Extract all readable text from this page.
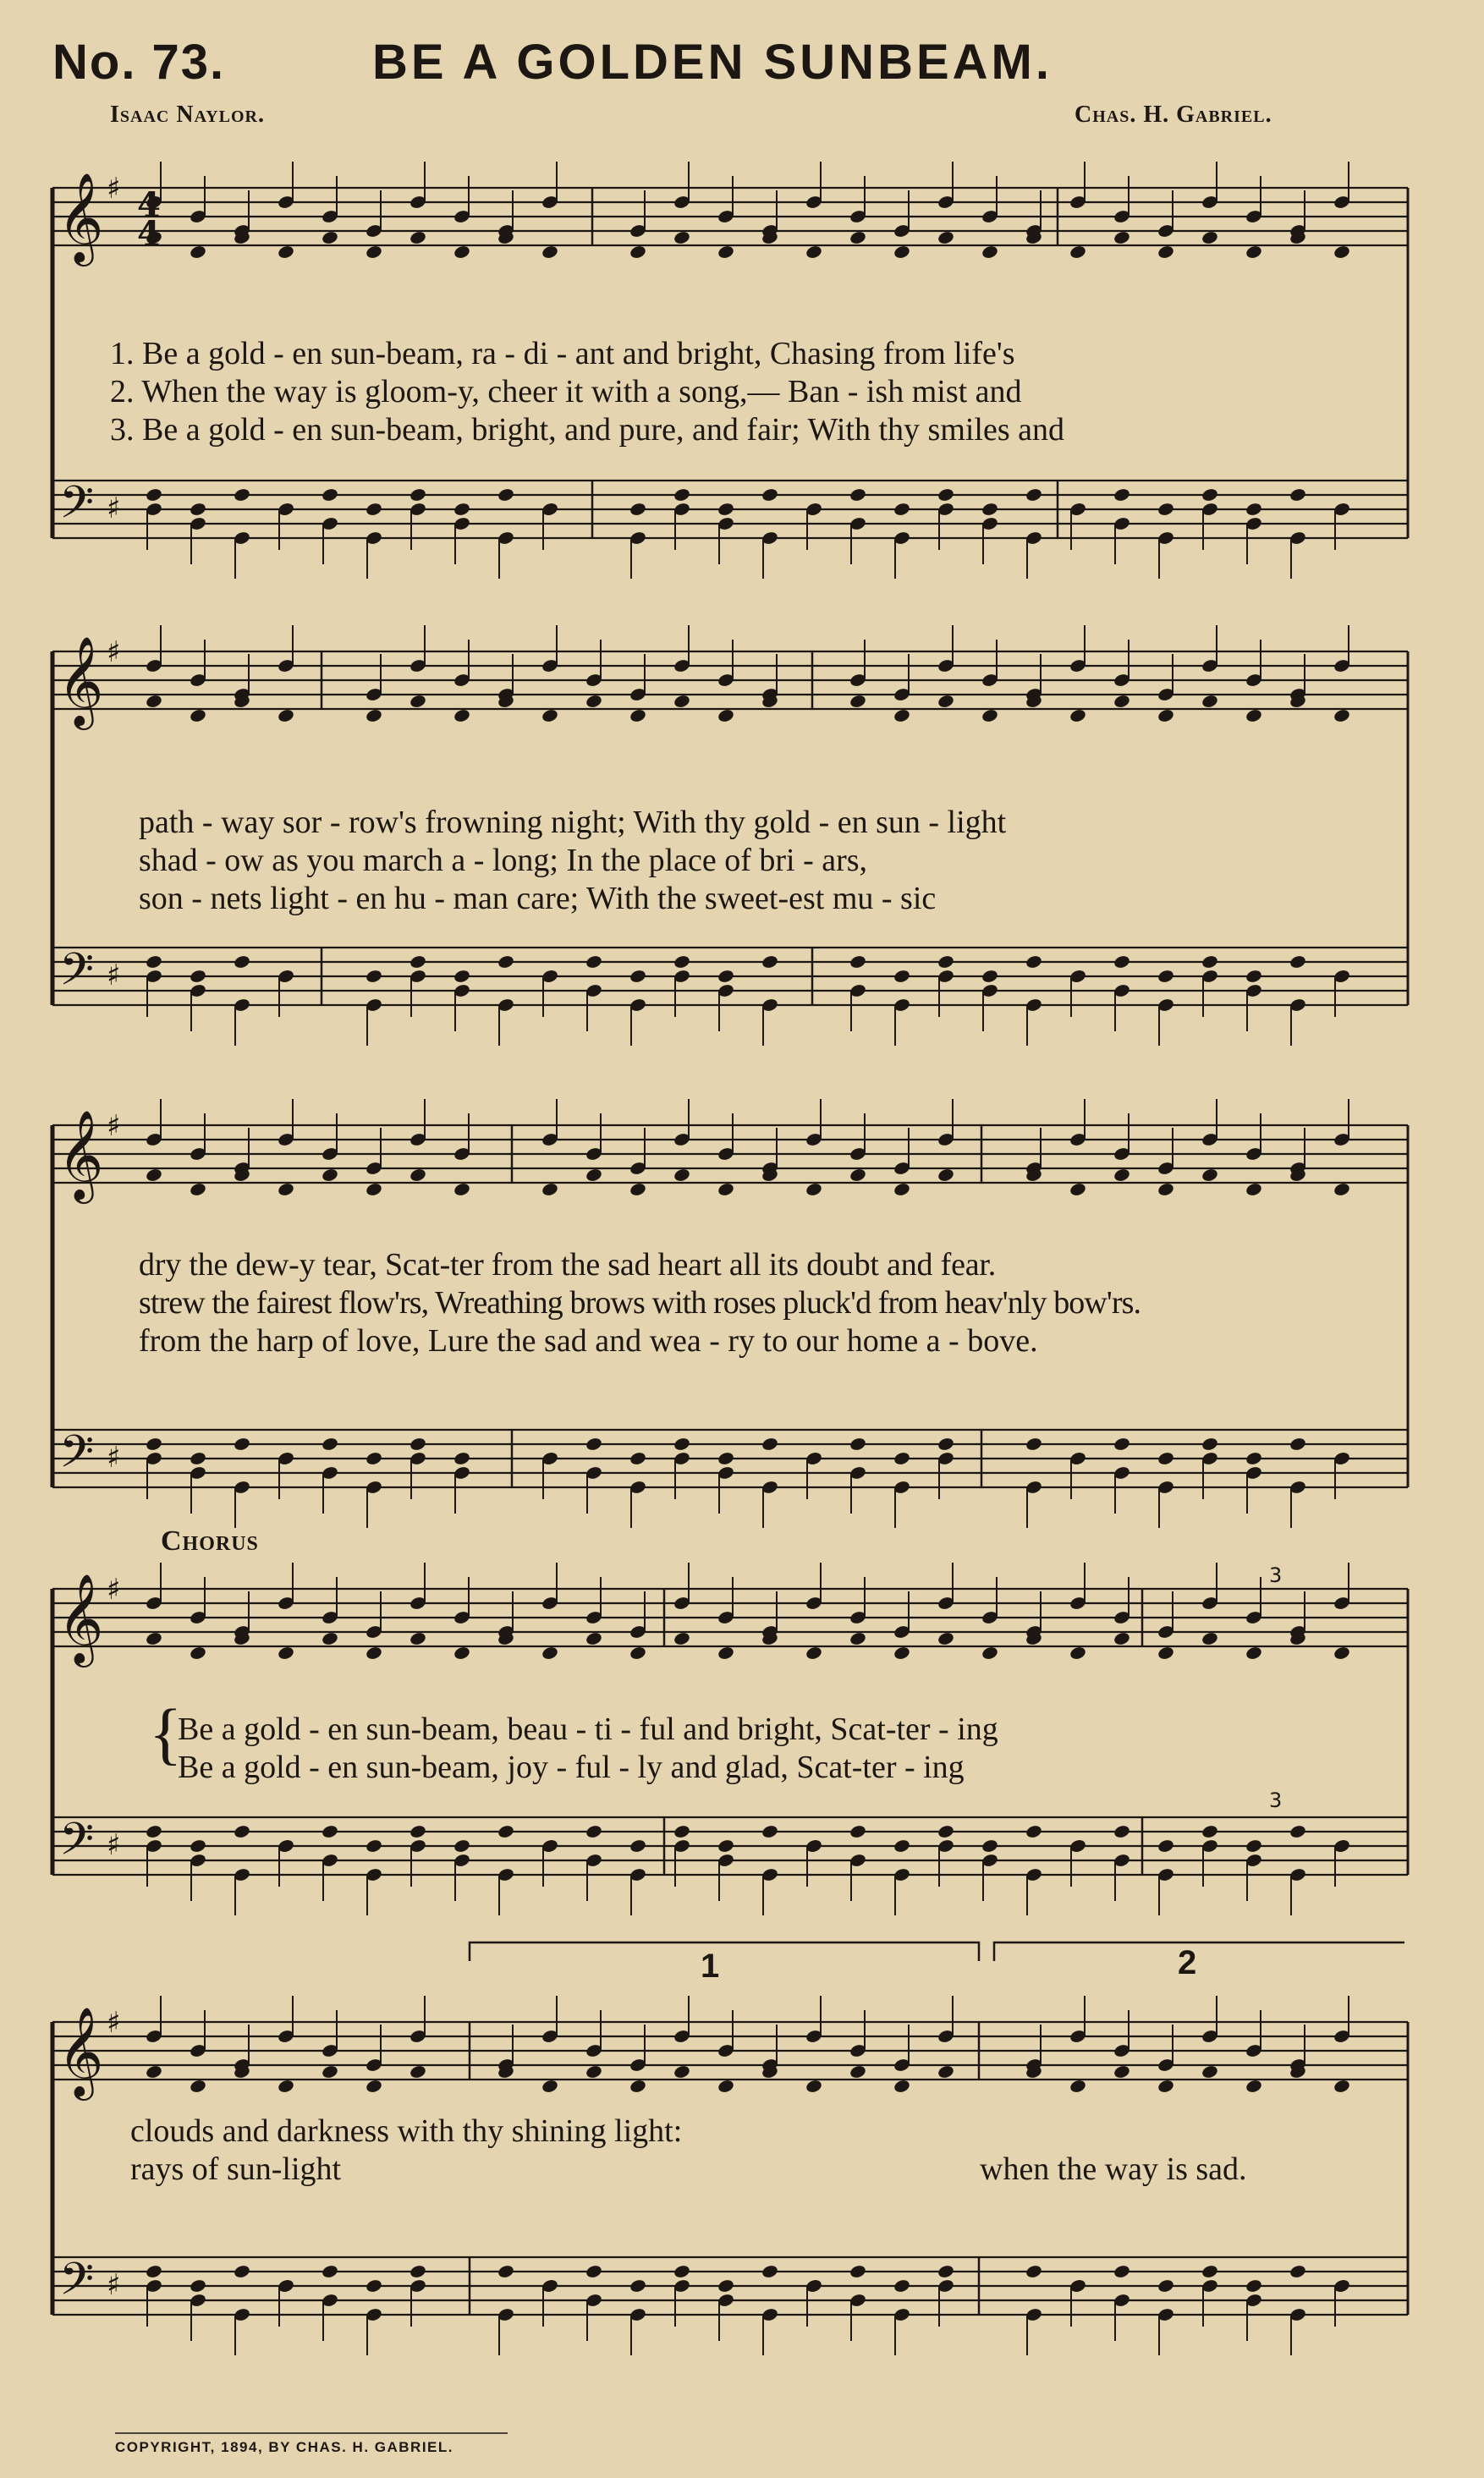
No. 73.	BE A GOLDEN SUNBEAM.
Isaac Naylor.	Chas. H. Gabriel.
𝄞
𝄢
♯
♯
4
4
𝄞
𝄢
♯
♯
𝄞
𝄢
♯
♯
𝄞
𝄢
♯
♯
𝄞
𝄢
♯
♯
3
3
1. Be a gold - en sun-beam, ra - di - ant and bright, Chasing from life's
2. When the way is gloom-y, cheer it with a song,— Ban - ish mist and
3. Be a gold - en sun-beam, bright, and pure, and fair; With thy smiles and
path - way sor - row's frowning night; With thy gold - en sun - light
shad - ow as you march a - long; In the place of bri - ars,
son - nets light - en hu - man care; With the sweet-est mu - sic
dry the dew-y tear, Scat-ter from the sad heart all its doubt and fear.
strew the fairest flow'rs, Wreathing brows with roses pluck'd from heav'nly bow'rs.
from the harp of love, Lure the sad and wea - ry to our home a - bove.
Chorus
{
Be a gold - en sun-beam, beau - ti - ful and bright, Scat-ter - ing
Be a gold - en sun-beam, joy - ful - ly and glad, Scat-ter - ing
clouds and darkness with thy shining light:
rays of sun-light	when the way is sad.
1	2
COPYRIGHT, 1894, BY CHAS. H. GABRIEL.
